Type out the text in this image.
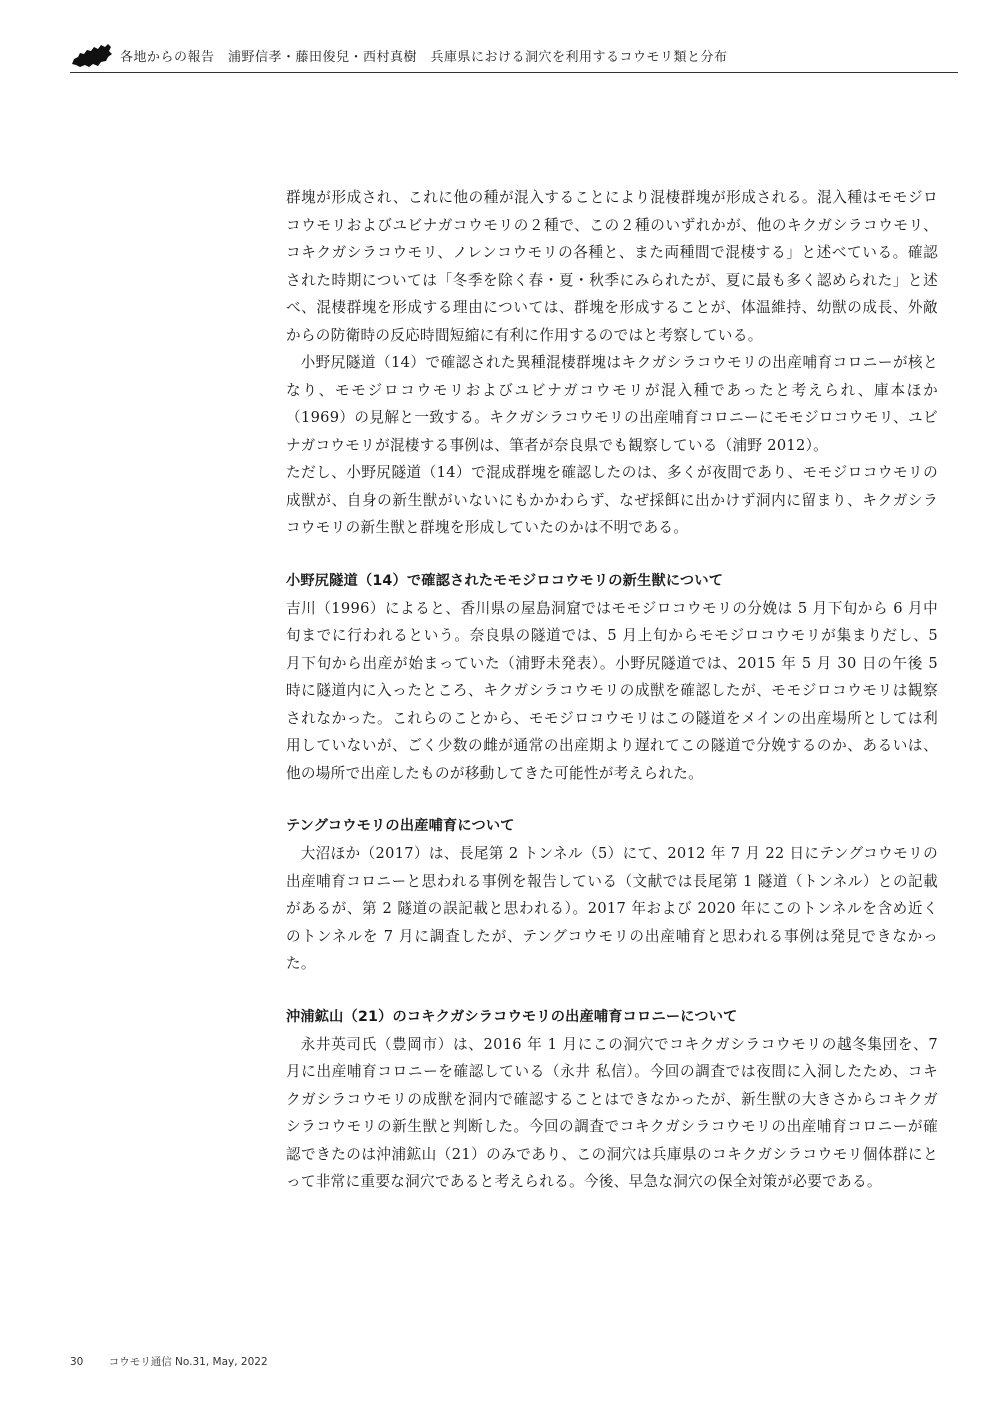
各地からの報告　浦野信孝・藤田俊兒・西村真樹　兵庫県における洞穴を利用するコウモリ類と分布

群塊が形成され、これに他の種が混入することにより混棲群塊が形成される。混入種はモモジロコウモリおよびユビナガコウモリの２種で、この２種のいずれかが、他のキクガシラコウモリ、コキクガシラコウモリ、ノレンコウモリの各種と、また両種間で混棲する」と述べている。確認された時期については「冬季を除く春・夏・秋季にみられたが、夏に最も多く認められた」と述べ、混棲群塊を形成する理由については、群塊を形成することが、体温維持、幼獣の成長、外敵からの防衛時の反応時間短縮に有利に作用するのではと考察している。

小野尻隧道（14）で確認された異種混棲群塊はキクガシラコウモリの出産哺育コロニーが核となり、モモジロコウモリおよびユビナガコウモリが混入種であったと考えられ、庫本ほか（1969）の見解と一致する。キクガシラコウモリの出産哺育コロニーにモモジロコウモリ、ユビナガコウモリが混棲する事例は、筆者が奈良県でも観察している（浦野 2012）。

ただし、小野尻隧道（14）で混成群塊を確認したのは、多くが夜間であり、モモジロコウモリの成獣が、自身の新生獣がいないにもかかわらず、なぜ採餌に出かけず洞内に留まり、キクガシラコウモリの新生獣と群塊を形成していたのかは不明である。

小野尻隧道（14）で確認されたモモジロコウモリの新生獣について

吉川（1996）によると、香川県の屋島洞窟ではモモジロコウモリの分娩は 5 月下旬から 6 月中旬までに行われるという。奈良県の隧道では、5 月上旬からモモジロコウモリが集まりだし、5 月下旬から出産が始まっていた（浦野未発表）。小野尻隧道では、2015 年 5 月 30 日の午後 5 時に隧道内に入ったところ、キクガシラコウモリの成獣を確認したが、モモジロコウモリは観察されなかった。これらのことから、モモジロコウモリはこの隧道をメインの出産場所としては利用していないが、ごく少数の雌が通常の出産期より遅れてこの隧道で分娩するのか、あるいは、他の場所で出産したものが移動してきた可能性が考えられた。

テングコウモリの出産哺育について

大沼ほか（2017）は、長尾第 2 トンネル（5）にて、2012 年 7 月 22 日にテングコウモリの出産哺育コロニーと思われる事例を報告している（文献では長尾第 1 隧道（トンネル）との記載があるが、第 2 隧道の誤記載と思われる）。2017 年および 2020 年にこのトンネルを含め近くのトンネルを 7 月に調査したが、テングコウモリの出産哺育と思われる事例は発見できなかった。

沖浦鉱山（21）のコキクガシラコウモリの出産哺育コロニーについて

永井英司氏（豊岡市）は、2016 年 1 月にこの洞穴でコキクガシラコウモリの越冬集団を、7 月に出産哺育コロニーを確認している（永井 私信）。今回の調査では夜間に入洞したため、コキクガシラコウモリの成獣を洞内で確認することはできなかったが、新生獣の大きさからコキクガシラコウモリの新生獣と判断した。今回の調査でコキクガシラコウモリの出産哺育コロニーが確認できたのは沖浦鉱山（21）のみであり、この洞穴は兵庫県のコキクガシラコウモリ個体群にとって非常に重要な洞穴であると考えられる。今後、早急な洞穴の保全対策が必要である。

30 コウモリ通信 No.31, May, 2022
